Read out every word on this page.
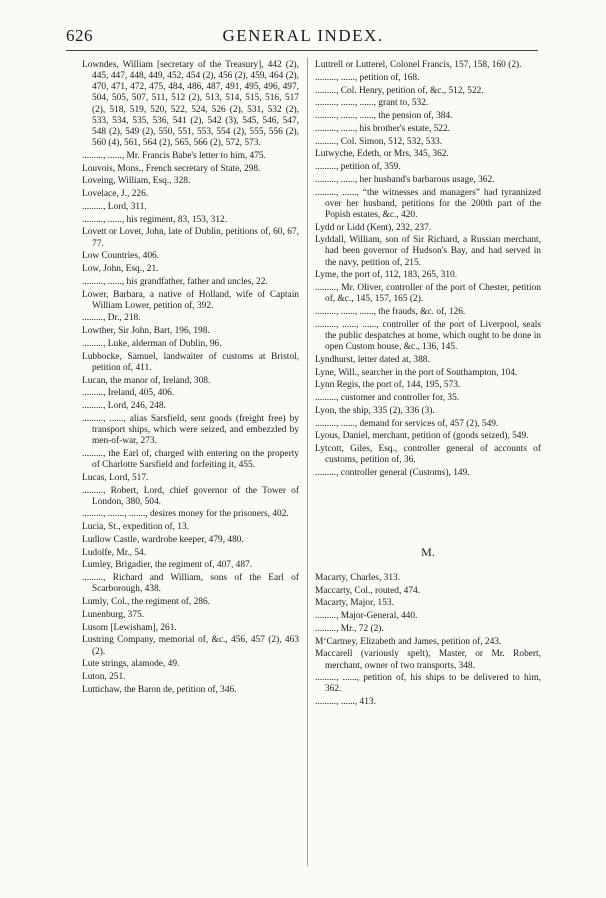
626	GENERAL INDEX.
Lowndes, William [secretary of the Treasury], 442 (2), 445, 447, 448, 449, 452, 454 (2), 456 (2), 459, 464 (2), 470, 471, 472, 475, 484, 486, 487, 491, 495, 496, 497, 504, 505, 507, 511, 512 (2), 513, 514, 515, 516, 517 (2), 518, 519, 520, 522, 524, 526 (2), 531, 532 (2), 533, 534, 535, 536, 541 (2), 542 (3), 545, 546, 547, 548 (2), 549 (2), 550, 551, 553, 554 (2), 555, 556 (2), 560 (4), 561, 564 (2), 565, 566 (2), 572, 573.
........., ......, Mr. Francis Babe's letter to him, 475.
Louvois, Mons., French secretary of State, 298.
Loveing, William, Esq., 328.
Lovelace, J., 226.
........., Lord, 311.
........., ......, his regiment, 83, 153, 312.
Lovett or Lovet, John, late of Dublin, petitions of, 60, 67, 77.
Low Countries, 406.
Low, John, Esq., 21.
........., ......, his grandfather, father and uncles, 22.
Lower, Barbara, a native of Holland, wife of Captain William Lower, petition of, 392.
........., Dr., 218.
Lowther, Sir John, Bart, 196, 198.
........., Luke, alderman of Dublin, 96.
Lubbocke, Samuel, landwaiter of customs at Bristol, petition of, 411.
Lucan, the manor of, Ireland, 308.
........., Ireland, 405, 406.
........., Lord, 246, 248.
........., ......, alias Sarsfield, sent goods (freight free) by transport ships, which were seized, and embezzled by men-of-war, 273.
........., the Earl of, charged with entering on the property of Charlotte Sarsfield and forfeiting it, 455.
Lucas, Lord, 517.
........., Robert, Lord, chief governor of the Tower of London, 380, 504.
........., ......., ......., desires money for the prisoners, 402.
Lucia, St., expedition of, 13.
Ludlow Castle, wardrobe keeper, 479, 480.
Ludolfe, Mr., 54.
Lumley, Brigadier, the regiment of, 407, 487.
........., Richard and William, sons of the Earl of Scarborough, 438.
Lumly, Col., the regiment of, 286.
Lunenburg, 375.
Lusom [Lewisham], 261.
Lustring Company, memorial of, &c., 456, 457 (2), 463 (2).
Lute strings, alamode, 49.
Luton, 251.
Luttichaw, the Baron de, petition of, 346.
Luttrell or Lutterel, Colonel Francis, 157, 158, 160 (2).
........., ......, petition of, 168.
........., Col. Henry, petition of, &c., 512, 522.
........., ......, ......, grant to, 532.
........., ......, ......, the pension of, 384.
........., ......, his brother's estate, 522.
........., Col. Simon, 512, 532, 533.
Lutwyche, Edeth, or Mrs, 345, 362.
........., petition of, 359.
........., ......, her husband's barbarous usage, 362.
........., ......, “the witnesses and managers” had tyrannized over her husband, petitions for the 200th part of the Popish estates, &c., 420.
Lydd or Lidd (Kent), 232, 237.
Lyddall, William, son of Sir Richard, a Russian merchant, had been governor of Hudson's Bay, and had served in the navy, petition of, 215.
Lyme, the port of, 112, 183, 265, 310.
........., Mr. Oliver, controller of the port of Chester, petition of, &c., 145, 157, 165 (2).
........., ......, ......, the frauds, &c. of, 126.
........., ......, ......, controller of the port of Liverpool, seals the public despatches at home, which ought to be done in open Custom house, &c., 136, 145.
Lyndhurst, letter dated at, 388.
Lyne, Will., searcher in the port of Southampton, 104.
Lynn Regis, the port of, 144, 195, 573.
........., customer and controller for, 35.
Lyon, the ship, 335 (2), 336 (3).
........., ......, demand for services of, 457 (2), 549.
Lyous, Daniel, merchant, petition of (goods seized), 549.
Lytcott, Giles, Esq., controller general of accounts of customs, petition of, 36.
........., controller general (Customs), 149.
M.
Macarty, Charles, 313.
Maccarty, Col., routed, 474.
Macarty, Major, 153.
........., Major-General, 440.
........., Mr., 72 (2).
M‘Cartney, Elizabeth and James, petition of, 243.
Maccarell (variously spelt), Master, or Mr. Robert, merchant, owner of two transports, 348.
........., ......, petition of, his ships to be delivered to him, 362.
........., ......, 413.
